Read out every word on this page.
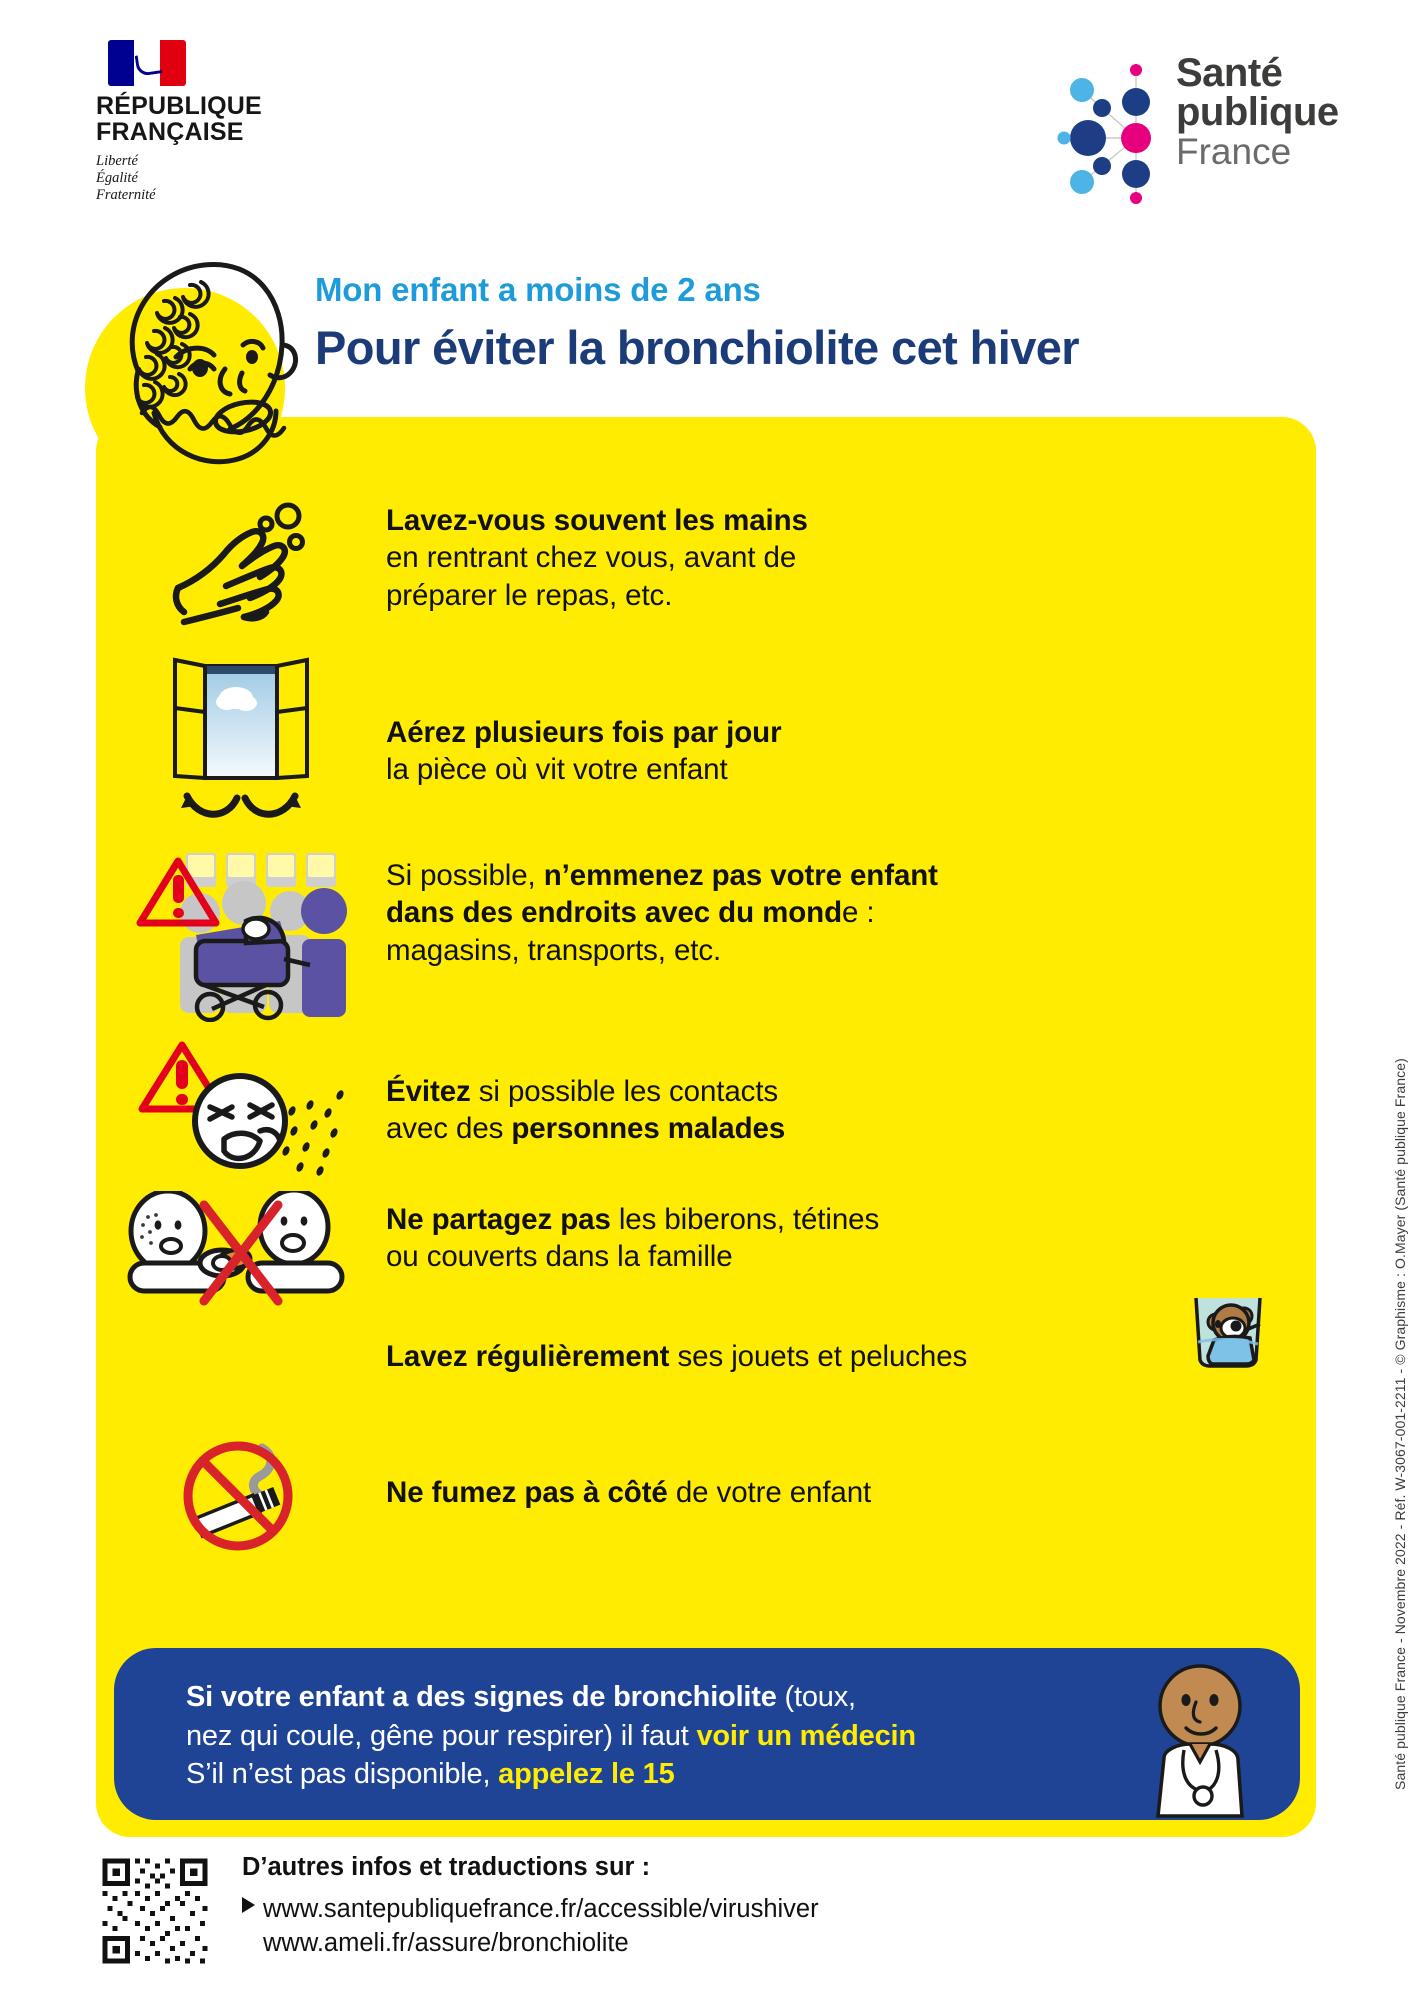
RÉPUBLIQUE
FRANÇAISE
Liberté
Égalité
Fraternité
Santé
publique
France
Mon enfant a moins de 2 ans
Pour éviter la bronchiolite cet hiver
Lavez-vous souvent les mains
en rentrant chez vous, avant de
préparer le repas, etc.
Aérez plusieurs fois par jour
la pièce où vit votre enfant
Si possible, n’emmenez pas votre enfant
dans des endroits avec du monde :
magasins, transports, etc.
Évitez si possible les contacts
avec des personnes malades
Ne partagez pas les biberons, tétines
ou couverts dans la famille
Lavez régulièrement ses jouets et peluches
Ne fumez pas à côté de votre enfant
Si votre enfant a des signes de bronchiolite (toux,
nez qui coule, gêne pour respirer) il faut voir un médecin
S’il n’est pas disponible, appelez le 15
D’autres infos et traductions sur :
www.santepubliquefrance.fr/accessible/virushiver
www.ameli.fr/assure/bronchiolite
Santé publique France - Novembre 2022 - Réf. W-3067-001-2211 - © Graphisme : O.Mayer (Santé publique France)
